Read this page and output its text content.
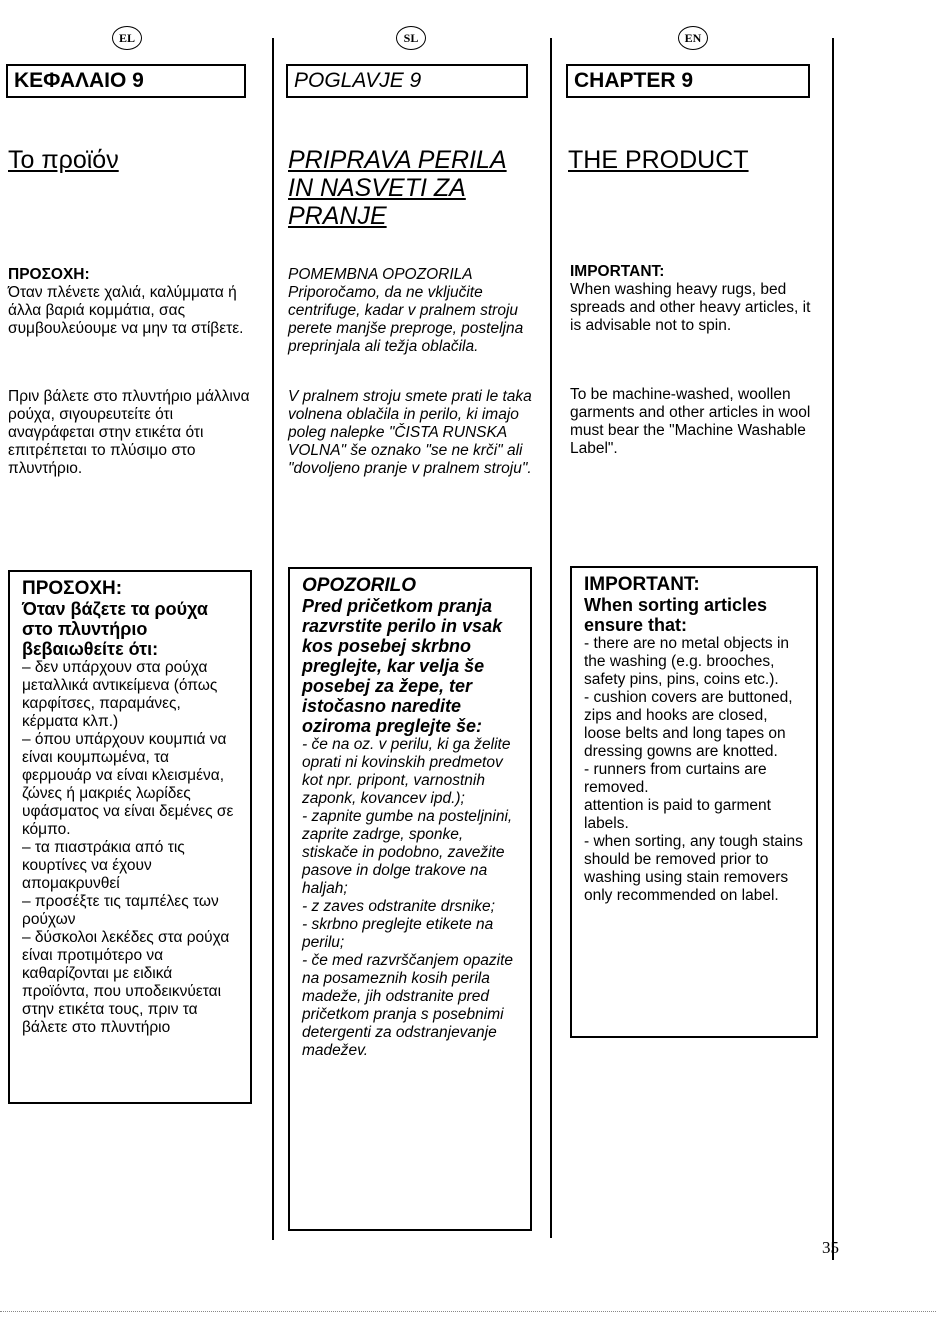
EL
ΚΕΦΑΛΑΙΟ 9
Το προϊόν

ΠΡΟΣΟΧΗ:

Όταν πλένετε χαλιά, καλύμματα ή άλλα βαριά κομμάτια, σας συμβουλεύουμε να μην τα στίβετε.

Πριν βάλετε στο πλυντήριο μάλλινα ρούχα, σιγουρευτείτε ότι αναγράφεται στην ετικέτα ότι επιτρέπεται το πλύσιμο στο πλυντήριο.

ΠΡΟΣΟΧΗ:
Όταν βάζετε τα ρούχα στο πλυντήριο βεβαιωθείτε ότι:
– δεν υπάρχουν στα ρούχα μεταλλικά αντικείμενα (όπως καρφίτσες, παραμάνες, κέρματα κλπ.)
– όπου υπάρχουν κουμπιά να είναι κουμπωμένα, τα φερμουάρ να είναι κλεισμένα, ζώνες ή μακριές λωρίδες υφάσματος να είναι δεμένες σε κόμπο.
– τα πιαστράκια από τις κουρτίνες να έχουν απομακρυνθεί
– προσέξτε τις ταμπέλες των ρούχων
– δύσκολοι λεκέδες στα ρούχα είναι προτιμότερο να καθαρίζονται με ειδικά προϊόντα, που υποδεικνύεται στην ετικέτα τους, πριν τα βάλετε στο πλυντήριο
SL
POGLAVJE 9
PRIPRAVA PERILA
IN NASVETI ZA
PRANJE

POMEMBNA OPOZORILA

Priporočamo, da ne vključite centrifuge, kadar v pralnem stroju perete manjše preproge, posteljna preprinjala ali težja oblačila.

V pralnem stroju smete prati le taka volnena oblačila in perilo, ki imajo poleg nalepke "ČISTA RUNSKA VOLNA" še oznako "se ne krči" ali "dovoljeno pranje v pralnem stroju".

OPOZORILO
Pred pričetkom pranja razvrstite perilo in vsak kos posebej skrbno preglejte, kar velja še posebej za žepe, ter istočasno naredite oziroma preglejte še:
- če na oz. v perilu, ki ga želite oprati ni kovinskih predmetov kot npr. pripont, varnostnih zaponk, kovancev ipd.);
- zapnite gumbe na posteljnini, zaprite zadrge, sponke, stiskače in podobno, zavežite pasove in dolge trakove na haljah;
- z zaves odstranite drsnike;
- skrbno preglejte etikete na perilu;
- če med razvrščanjem opazite na posameznih kosih perila madeže, jih odstranite pred pričetkom pranja s posebnimi detergenti za odstranjevanje madežev.
EN
CHAPTER 9
THE PRODUCT

IMPORTANT:

When washing heavy rugs, bed spreads and other heavy articles, it is advisable not to spin.

To be machine-washed, woollen garments and other articles in wool must bear the "Machine Washable Label".

IMPORTANT:
When sorting articles ensure that:
- there are no metal objects in the washing (e.g. brooches, safety pins, pins, coins etc.).
- cushion covers are buttoned, zips and hooks are closed, loose belts and long tapes on dressing gowns are knotted.
- runners from curtains are removed.
attention is paid to garment labels.
- when sorting, any tough stains should be removed prior to washing using stain removers only recommended on label.
35
